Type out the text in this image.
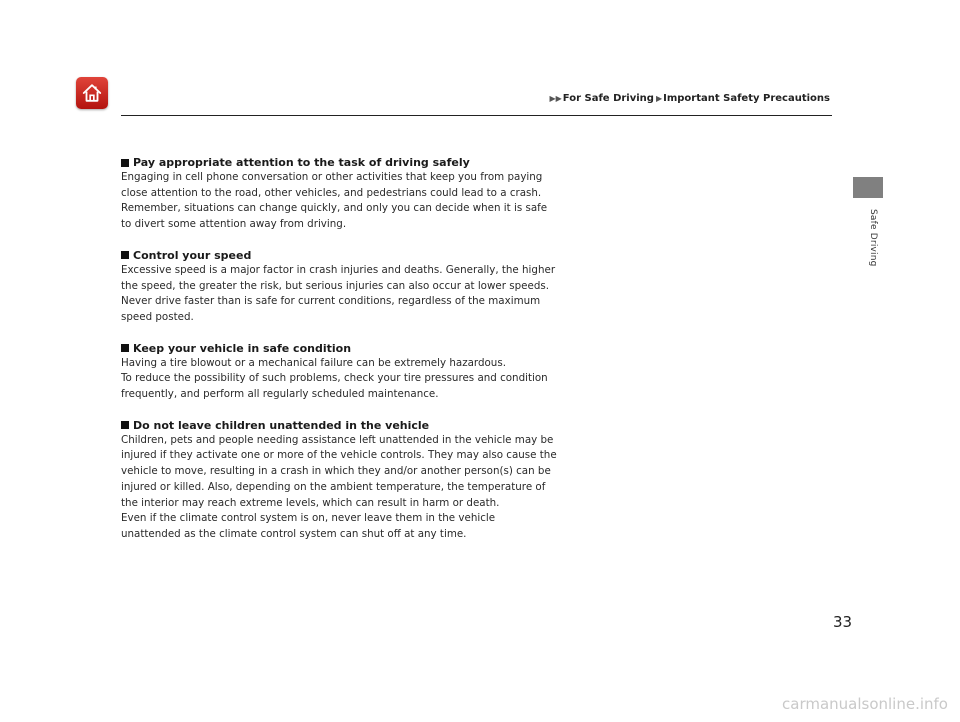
▶▶ For Safe Driving ▶ Important Safety Precautions
Safe Driving
Pay appropriate attention to the task of driving safely

Engaging in cell phone conversation or other activities that keep you from paying close attention to the road, other vehicles, and pedestrians could lead to a crash. Remember, situations can change quickly, and only you can decide when it is safe to divert some attention away from driving.

Control your speed

Excessive speed is a major factor in crash injuries and deaths. Generally, the higher the speed, the greater the risk, but serious injuries can also occur at lower speeds. Never drive faster than is safe for current conditions, regardless of the maximum speed posted.

Keep your vehicle in safe condition

Having a tire blowout or a mechanical failure can be extremely hazardous.

To reduce the possibility of such problems, check your tire pressures and condition frequently, and perform all regularly scheduled maintenance.

Do not leave children unattended in the vehicle

Children, pets and people needing assistance left unattended in the vehicle may be injured if they activate one or more of the vehicle controls. They may also cause the vehicle to move, resulting in a crash in which they and/or another person(s) can be injured or killed. Also, depending on the ambient temperature, the temperature of the interior may reach extreme levels, which can result in harm or death.

Even if the climate control system is on, never leave them in the vehicle unattended as the climate control system can shut off at any time.

33
carmanualsonline.info
